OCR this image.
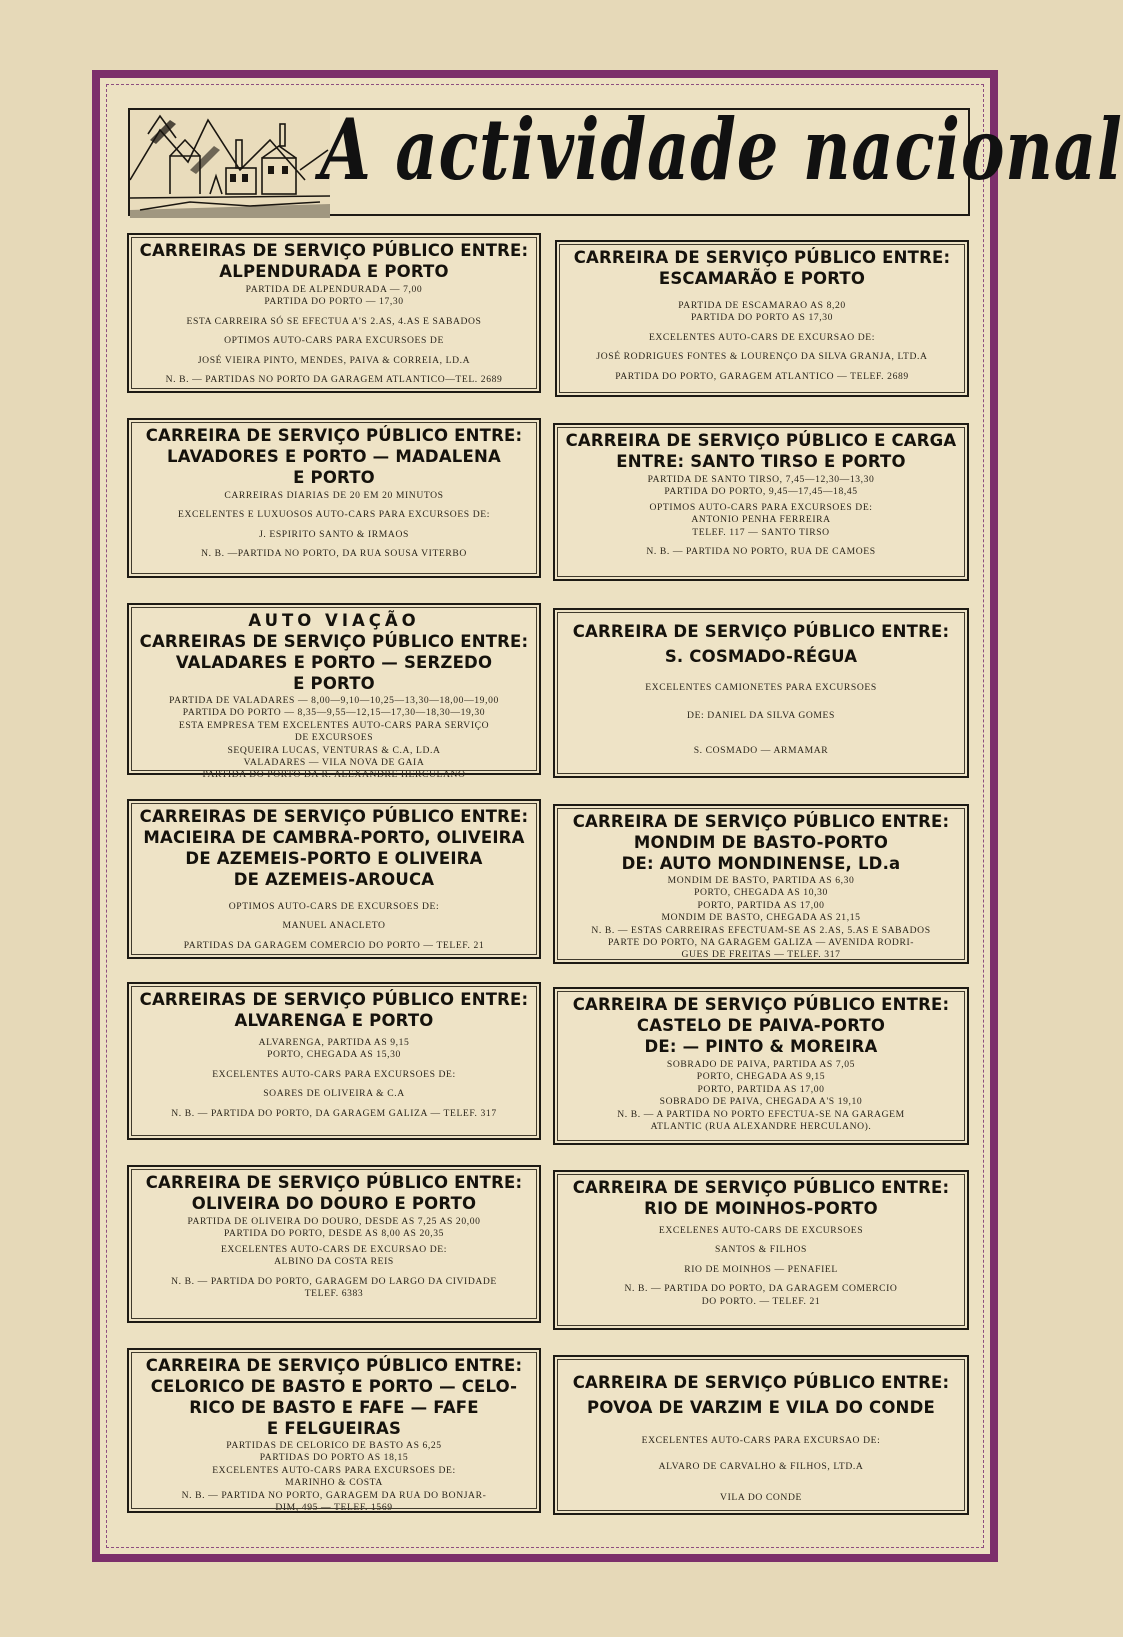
A actividade nacional
CARREIRAS DE SERVIÇO PÚBLICO ENTRE:
ALPENDURADA E PORTO
PARTIDA DE ALPENDURADA — 7,00
PARTIDA DO PORTO — 17,30
ESTA CARREIRA SÓ SE EFECTUA A'S 2.AS, 4.AS E SABADOS
OPTIMOS AUTO-CARS PARA EXCURSOES DE
JOSÉ VIEIRA PINTO, MENDES, PAIVA & CORREIA, LD.A
N. B. — PARTIDAS NO PORTO DA GARAGEM ATLANTICO—TEL. 2689
CARREIRA DE SERVIÇO PÚBLICO ENTRE:
ESCAMARÃO E PORTO
PARTIDA DE ESCAMARAO AS 8,20
PARTIDA DO PORTO AS 17,30
EXCELENTES AUTO-CARS DE EXCURSAO DE:
JOSÉ RODRIGUES FONTES & LOURENÇO DA SILVA GRANJA, LTD.A
PARTIDA DO PORTO, GARAGEM ATLANTICO — TELEF. 2689
CARREIRA DE SERVIÇO PÚBLICO ENTRE:
LAVADORES E PORTO — MADALENA
E PORTO
CARREIRAS DIARIAS DE 20 EM 20 MINUTOS
EXCELENTES E LUXUOSOS AUTO-CARS PARA EXCURSOES DE:
J. ESPIRITO SANTO & IRMAOS
N. B. —PARTIDA NO PORTO, DA RUA SOUSA VITERBO
CARREIRA DE SERVIÇO PÚBLICO E CARGA
ENTRE: SANTO TIRSO E PORTO
PARTIDA DE SANTO TIRSO, 7,45—12,30—13,30
PARTIDA DO PORTO, 9,45—17,45—18,45
OPTIMOS AUTO-CARS PARA EXCURSOES DE:
ANTONIO PENHA FERREIRA
TELEF. 117 — SANTO TIRSO
N. B. — PARTIDA NO PORTO, RUA DE CAMOES
AUTO VIAÇÃO
CARREIRAS DE SERVIÇO PÚBLICO ENTRE:
VALADARES E PORTO — SERZEDO
E PORTO
PARTIDA DE VALADARES — 8,00—9,10—10,25—13,30—18,00—19,00
PARTIDA DO PORTO — 8,35—9,55—12,15—17,30—18,30—19,30
ESTA EMPRESA TEM EXCELENTES AUTO-CARS PARA SERVIÇO
DE EXCURSOES
SEQUEIRA LUCAS, VENTURAS & C.A, LD.A
VALADARES — VILA NOVA DE GAIA
PARTIDA DO PORTO DA R. ALEXANDRE HERCULANO
CARREIRA DE SERVIÇO PÚBLICO ENTRE:
S. COSMADO-RÉGUA
EXCELENTES CAMIONETES PARA EXCURSOES
DE: DANIEL DA SILVA GOMES
S. COSMADO — ARMAMAR
CARREIRAS DE SERVIÇO PÚBLICO ENTRE:
MACIEIRA DE CAMBRA-PORTO, OLIVEIRA
DE AZEMEIS-PORTO E OLIVEIRA
DE AZEMEIS-AROUCA
OPTIMOS AUTO-CARS DE EXCURSOES DE:
MANUEL ANACLETO
PARTIDAS DA GARAGEM COMERCIO DO PORTO — TELEF. 21
CARREIRA DE SERVIÇO PÚBLICO ENTRE:
MONDIM DE BASTO-PORTO
DE: AUTO MONDINENSE, LD.a
MONDIM DE BASTO, PARTIDA AS 6,30
PORTO, CHEGADA AS 10,30
PORTO, PARTIDA AS 17,00
MONDIM DE BASTO, CHEGADA AS 21,15
N. B. — ESTAS CARREIRAS EFECTUAM-SE AS 2.AS, 5.AS E SABADOS
PARTE DO PORTO, NA GARAGEM GALIZA — AVENIDA RODRI-
GUES DE FREITAS — TELEF. 317
CARREIRAS DE SERVIÇO PÚBLICO ENTRE:
ALVARENGA E PORTO
ALVARENGA, PARTIDA AS 9,15
PORTO, CHEGADA AS 15,30
EXCELENTES AUTO-CARS PARA EXCURSOES DE:
SOARES DE OLIVEIRA & C.A
N. B. — PARTIDA DO PORTO, DA GARAGEM GALIZA — TELEF. 317
CARREIRA DE SERVIÇO PÚBLICO ENTRE:
CASTELO DE PAIVA-PORTO
DE: — PINTO & MOREIRA
SOBRADO DE PAIVA, PARTIDA AS 7,05
PORTO, CHEGADA AS 9,15
PORTO, PARTIDA AS 17,00
SOBRADO DE PAIVA, CHEGADA A'S 19,10
N. B. — A PARTIDA NO PORTO EFECTUA-SE NA GARAGEM
ATLANTIC (RUA ALEXANDRE HERCULANO).
CARREIRA DE SERVIÇO PÚBLICO ENTRE:
OLIVEIRA DO DOURO E PORTO
PARTIDA DE OLIVEIRA DO DOURO, DESDE AS 7,25 AS 20,00
PARTIDA DO PORTO, DESDE AS 8,00 AS 20,35
EXCELENTES AUTO-CARS DE EXCURSAO DE:
ALBINO DA COSTA REIS
N. B. — PARTIDA DO PORTO, GARAGEM DO LARGO DA CIVIDADE
TELEF. 6383
CARREIRA DE SERVIÇO PÚBLICO ENTRE:
RIO DE MOINHOS-PORTO
EXCELENES AUTO-CARS DE EXCURSOES
SANTOS & FILHOS
RIO DE MOINHOS — PENAFIEL
N. B. — PARTIDA DO PORTO, DA GARAGEM COMERCIO
DO PORTO. — TELEF. 21
CARREIRA DE SERVIÇO PÚBLICO ENTRE:
CELORICO DE BASTO E PORTO — CELO-
RICO DE BASTO E FAFE — FAFE
E FELGUEIRAS
PARTIDAS DE CELORICO DE BASTO AS 6,25
PARTIDAS DO PORTO AS 18,15
EXCELENTES AUTO-CARS PARA EXCURSOES DE:
MARINHO & COSTA
N. B. — PARTIDA NO PORTO, GARAGEM DA RUA DO BONJAR-
DIM, 495 — TELEF. 1569
CARREIRA DE SERVIÇO PÚBLICO ENTRE:
POVOA DE VARZIM E VILA DO CONDE
EXCELENTES AUTO-CARS PARA EXCURSAO DE:
ALVARO DE CARVALHO & FILHOS, LTD.A
VILA DO CONDE
